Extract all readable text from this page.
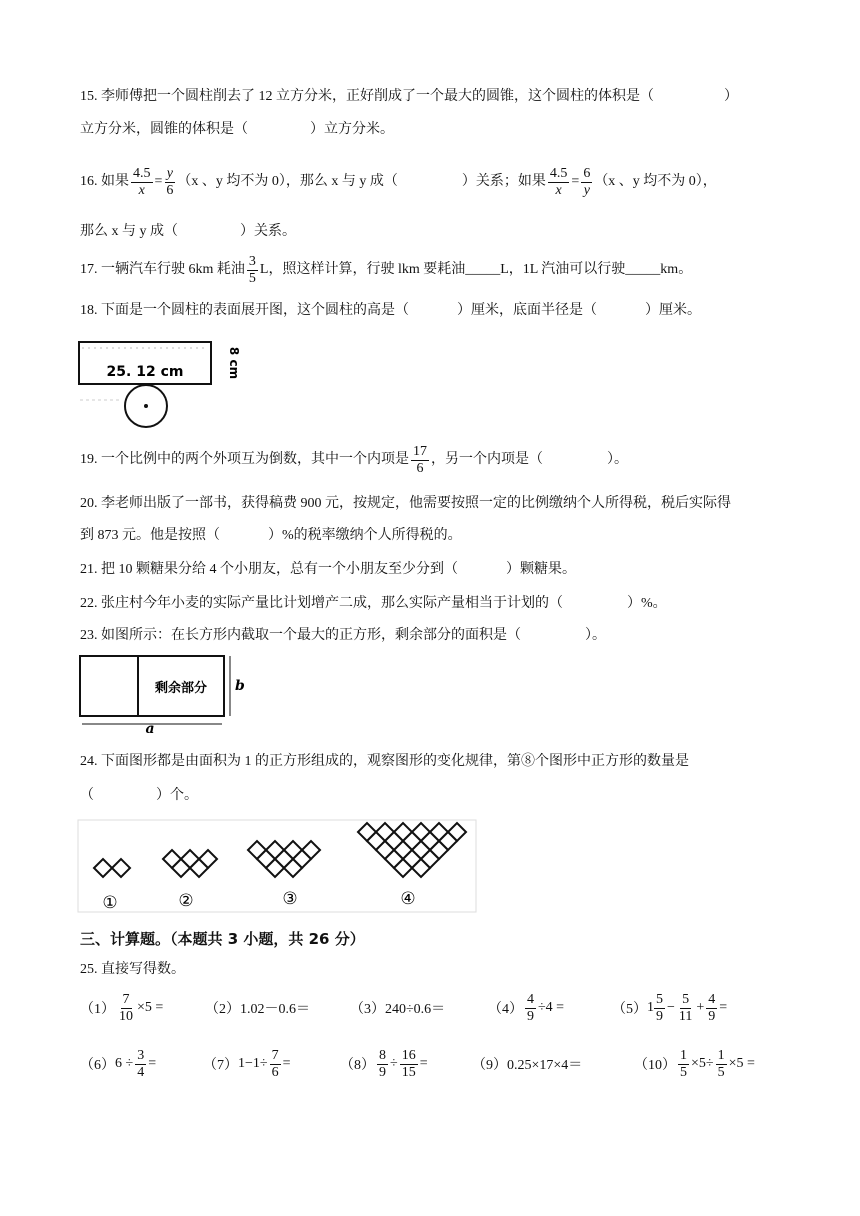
15. 李师傅把一个圆柱削去了 12 立方分米，正好削成了一个最大的圆锥，这个圆柱的体积是（	）
立方分米，圆锥的体积是（	）立方分米。
16. 如果 $\frac{4.5}{x} = \frac{y}{6} (x$ 、y 均不为 0），那么 x 与 y 成（	）关系；如果 $\frac{4.5}{x} = \frac{6}{y} (x$ 、y 均不为 0），
那么 x 与 y 成（	）关系。
17. 一辆汽车行驶 6km 耗油 $\frac{3}{5}$ L，照这样计算，行驶 lkm 要耗油_____L，1L 汽油可以行驶_____km。
18. 下面是一个圆柱的表面展开图，这个圆柱的高是（	）厘米，底面半径是（	）厘米。
25. 12 cm	8 cm
19. 一个比例中的两个外项互为倒数，其中一个内项是 $\frac{17}{6}$ ，另一个内项是（	）。
20. 李老师出版了一部书，获得稿费 900 元，按规定，他需要按照一定的比例缴纳个人所得税，税后实际得
到 873 元。他是按照（	）%的税率缴纳个人所得税的。
21. 把 10 颗糖果分给 4 个小朋友，总有一个小朋友至少分到（	）颗糖果。
22. 张庄村今年小麦的实际产量比计划增产二成，那么实际产量相当于计划的（	）%。
23. 如图所示：在长方形内截取一个最大的正方形，剩余部分的面积是（	）。
剩余部分 b
a
24. 下面图形都是由面积为 1 的正方形组成的，观察图形的变化规律，第⑧个图形中正方形的数量是
（	）个。
①	②	③	④
三、计算题。（本题共 3 小题，共 26 分）
25. 直接写得数。
$(1) \frac{7}{10} \times 5$ =	（2） 1.02－0.6＝	（3） 240÷0.6＝	$(4) \frac{4}{9} \div 4$ =	（5） $1 \frac{5}{9} - \frac{5}{11} + \frac{4}{9}$ =
（6） $6 \div \frac{3}{4}$ =	（7） $1-1\div \frac{7}{6}$ =	$(8) \frac{8}{9} \div \frac{16}{15}$ =	（9） 0.25×17×4＝	$(10) \frac{1}{5} \times 5\div \frac{1}{5} \times 5$ =
